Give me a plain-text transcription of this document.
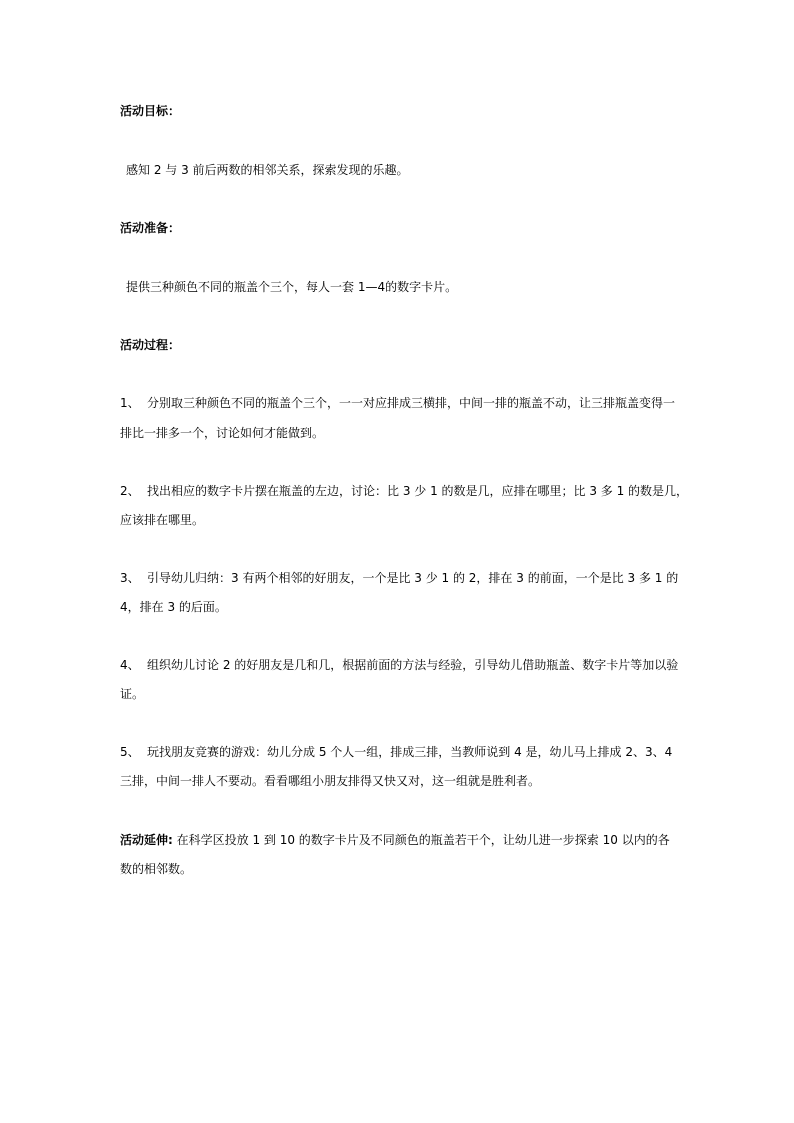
活动目标：
感知 2 与 3 前后两数的相邻关系，探索发现的乐趣。
活动准备：
提供三种颜色不同的瓶盖个三个，每人一套 1—4的数字卡片。
活动过程：
1、 分别取三种颜色不同的瓶盖个三个，一一对应排成三横排，中间一排的瓶盖不动，让三排瓶盖变得一
排比一排多一个，讨论如何才能做到。
2、 找出相应的数字卡片摆在瓶盖的左边，讨论：比 3 少 1 的数是几，应排在哪里；比 3 多 1 的数是几，
应该排在哪里。
3、 引导幼儿归纳：3 有两个相邻的好朋友，一个是比 3 少 1 的 2，排在 3 的前面，一个是比 3 多 1 的
4，排在 3 的后面。
4、 组织幼儿讨论 2 的好朋友是几和几，根据前面的方法与经验，引导幼儿借助瓶盖、数字卡片等加以验
证。
5、 玩找朋友竞赛的游戏：幼儿分成 5 个人一组，排成三排，当教师说到 4 是，幼儿马上排成 2、3、4
三排，中间一排人不要动。看看哪组小朋友排得又快又对，这一组就是胜利者。
活动延伸: 在科学区投放 1 到 10 的数字卡片及不同颜色的瓶盖若干个，让幼儿进一步探索 10 以内的各
数的相邻数。
